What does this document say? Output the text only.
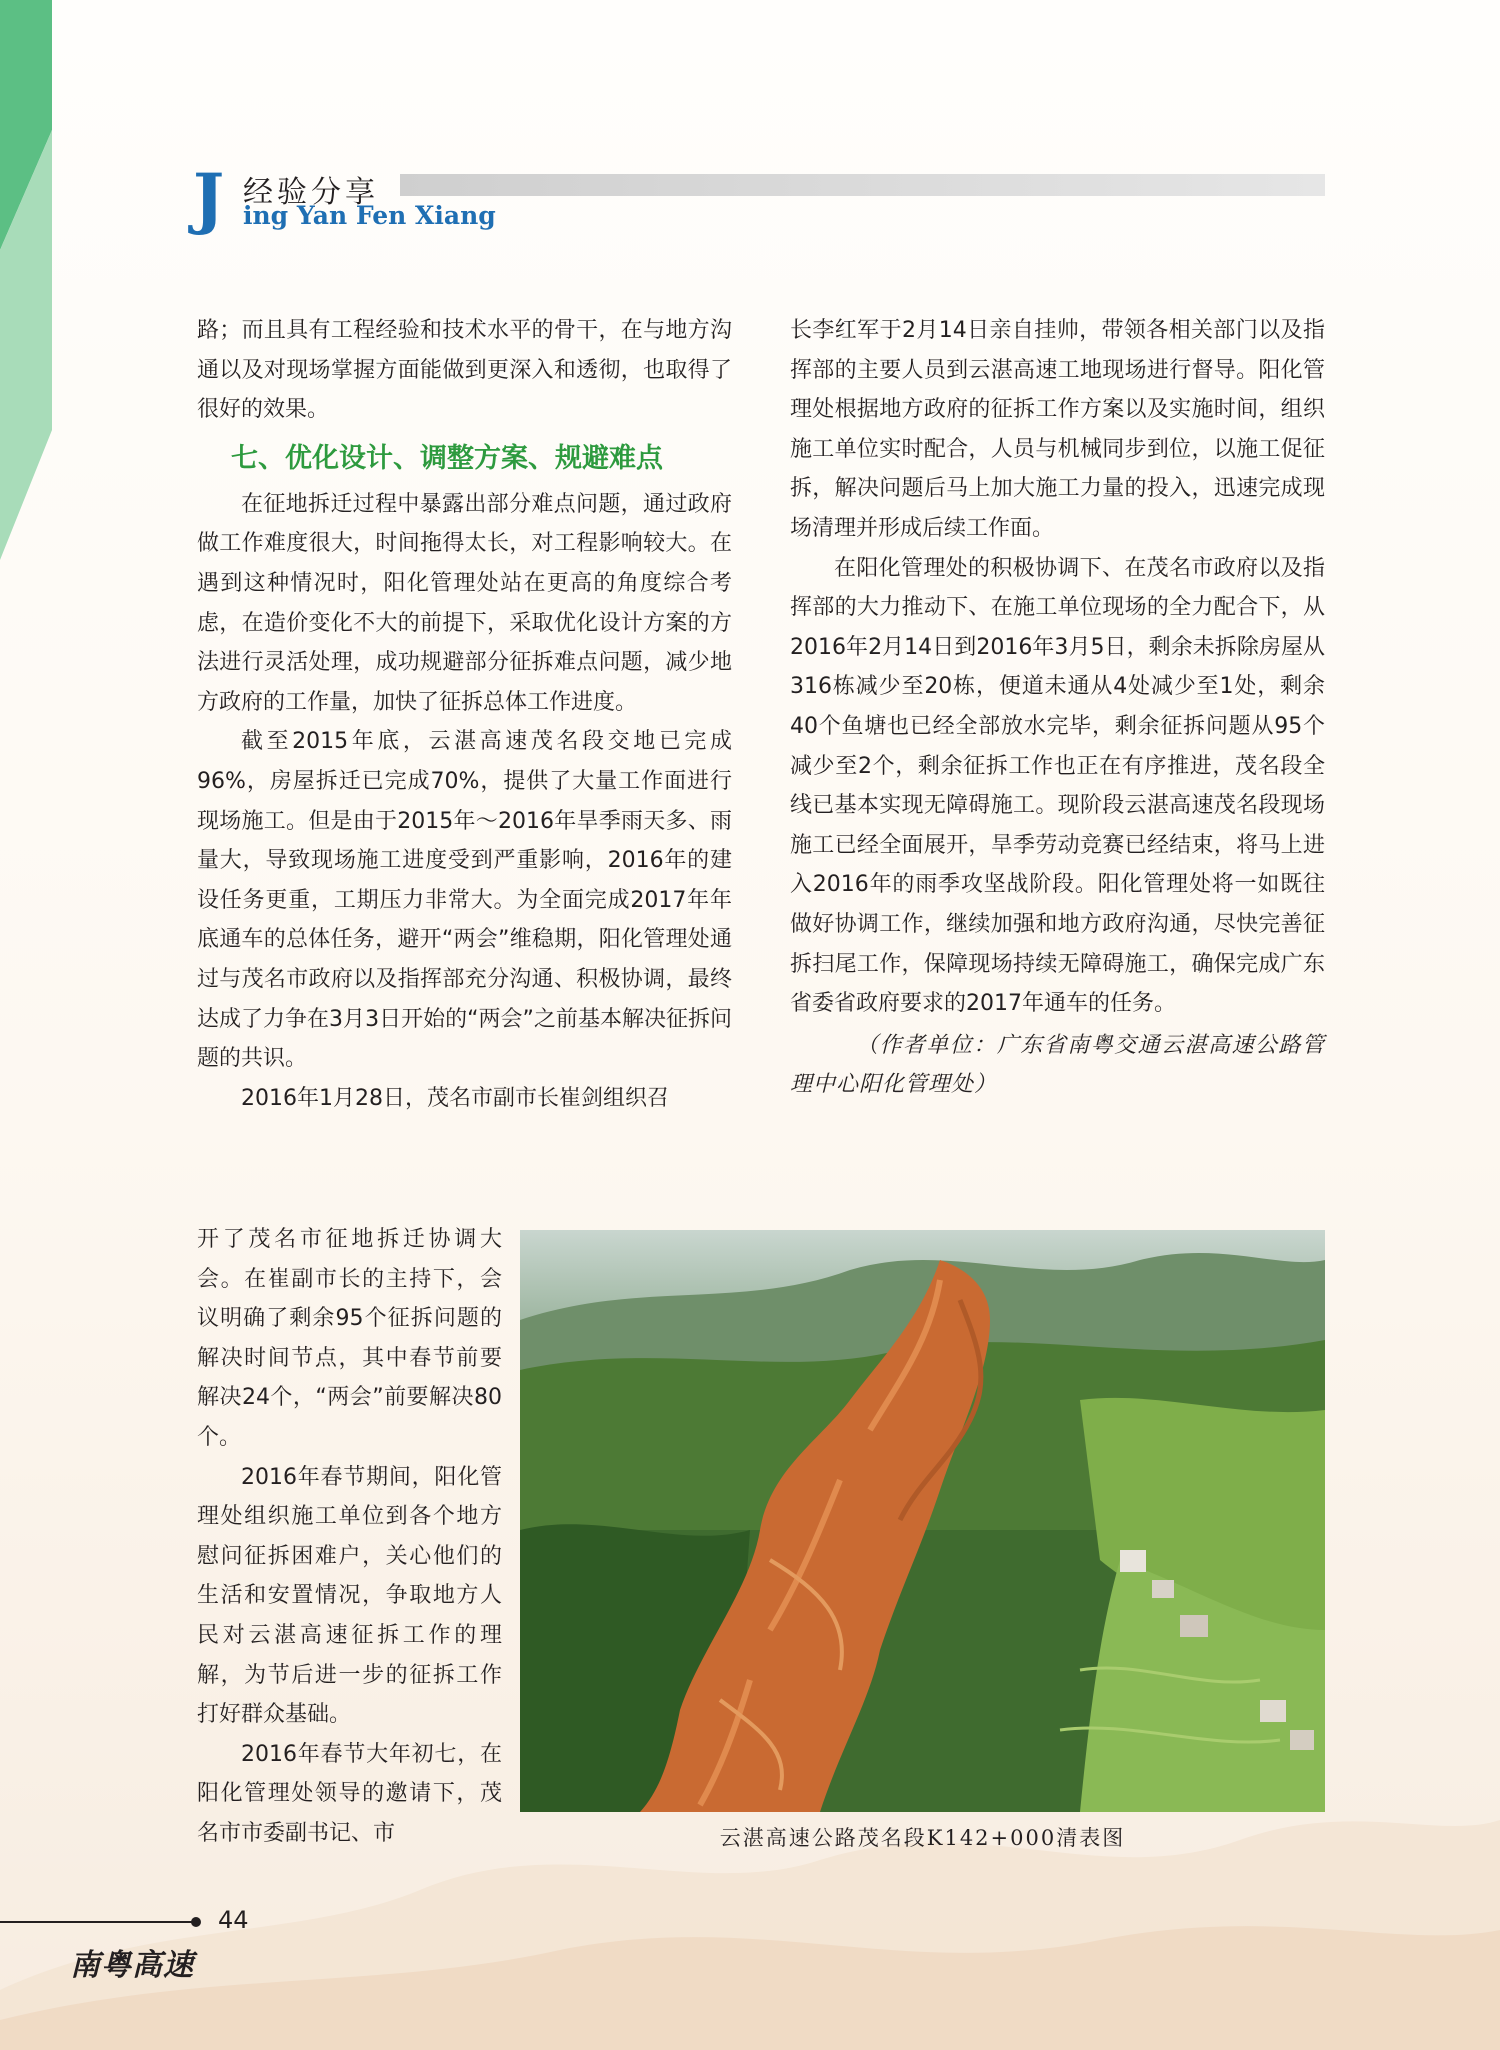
J 经验分享
ing Yan Fen Xiang

路；而且具有工程经验和技术水平的骨干，在与地方沟通以及对现场掌握方面能做到更深入和透彻，也取得了很好的效果。

七、优化设计、调整方案、规避难点

在征地拆迁过程中暴露出部分难点问题，通过政府做工作难度很大，时间拖得太长，对工程影响较大。在遇到这种情况时，阳化管理处站在更高的角度综合考虑，在造价变化不大的前提下，采取优化设计方案的方法进行灵活处理，成功规避部分征拆难点问题，减少地方政府的工作量，加快了征拆总体工作进度。

截至2015年底，云湛高速茂名段交地已完成96%，房屋拆迁已完成70%，提供了大量工作面进行现场施工。但是由于2015年～2016年旱季雨天多、雨量大，导致现场施工进度受到严重影响，2016年的建设任务更重，工期压力非常大。为全面完成2017年年底通车的总体任务，避开“两会”维稳期，阳化管理处通过与茂名市政府以及指挥部充分沟通、积极协调，最终达成了力争在3月3日开始的“两会”之前基本解决征拆问题的共识。

2016年1月28日，茂名市副市长崔剑组织召

开了茂名市征地拆迁协调大会。在崔副市长的主持下，会议明确了剩余95个征拆问题的解决时间节点，其中春节前要解决24个，“两会”前要解决80个。

2016年春节期间，阳化管理处组织施工单位到各个地方慰问征拆困难户，关心他们的生活和安置情况，争取地方人民对云湛高速征拆工作的理解，为节后进一步的征拆工作打好群众基础。

2016年春节大年初七，在阳化管理处领导的邀请下，茂名市市委副书记、市

长李红军于2月14日亲自挂帅，带领各相关部门以及指挥部的主要人员到云湛高速工地现场进行督导。阳化管理处根据地方政府的征拆工作方案以及实施时间，组织施工单位实时配合，人员与机械同步到位，以施工促征拆，解决问题后马上加大施工力量的投入，迅速完成现场清理并形成后续工作面。

在阳化管理处的积极协调下、在茂名市政府以及指挥部的大力推动下、在施工单位现场的全力配合下，从2016年2月14日到2016年3月5日，剩余未拆除房屋从316栋减少至20栋，便道未通从4处减少至1处，剩余40个鱼塘也已经全部放水完毕，剩余征拆问题从95个减少至2个，剩余征拆工作也正在有序推进，茂名段全线已基本实现无障碍施工。现阶段云湛高速茂名段现场施工已经全面展开，旱季劳动竞赛已经结束，将马上进入2016年的雨季攻坚战阶段。阳化管理处将一如既往做好协调工作，继续加强和地方政府沟通，尽快完善征拆扫尾工作，保障现场持续无障碍施工，确保完成广东省委省政府要求的2017年通车的任务。

（作者单位：广东省南粤交通云湛高速公路管理中心阳化管理处）

云湛高速公路茂名段K142+000清表图
44
南粤高速
